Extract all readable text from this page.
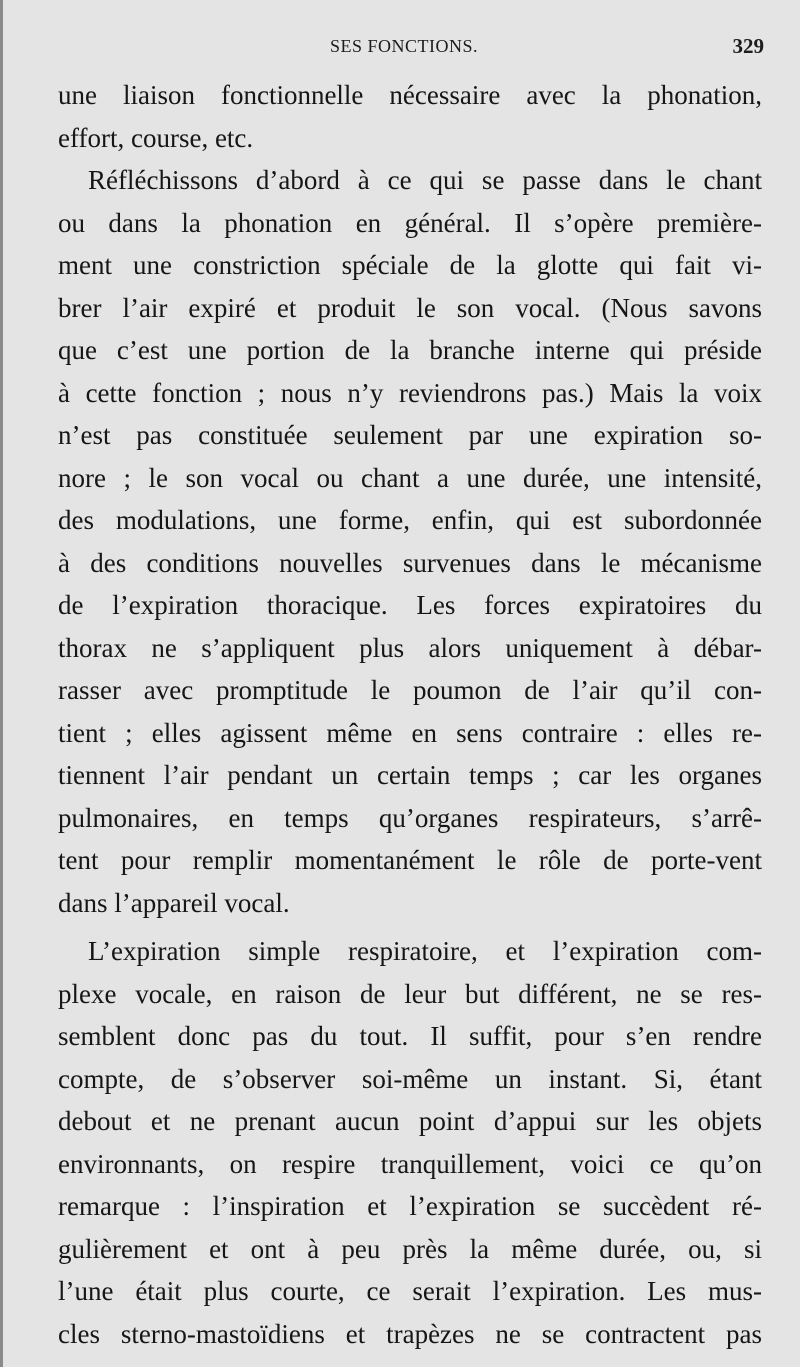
SES FONCTIONS.	329
une liaison fonctionnelle nécessaire avec la phonation,
effort, course, etc.
Réfléchissons d’abord à ce qui se passe dans le chant
ou dans la phonation en général. Il s’opère première-
ment une constriction spéciale de la glotte qui fait vi-
brer l’air expiré et produit le son vocal. (Nous savons
que c’est une portion de la branche interne qui préside
à cette fonction ; nous n’y reviendrons pas.) Mais la voix
n’est pas constituée seulement par une expiration so-
nore ; le son vocal ou chant a une durée, une intensité,
des modulations, une forme, enfin, qui est subordonnée
à des conditions nouvelles survenues dans le mécanisme
de l’expiration thoracique. Les forces expiratoires du
thorax ne s’appliquent plus alors uniquement à débar-
rasser avec promptitude le poumon de l’air qu’il con-
tient ; elles agissent même en sens contraire : elles re-
tiennent l’air pendant un certain temps ; car les organes
pulmonaires, en temps qu’organes respirateurs, s’arrê-
tent pour remplir momentanément le rôle de porte-vent
dans l’appareil vocal.
L’expiration simple respiratoire, et l’expiration com-
plexe vocale, en raison de leur but différent, ne se res-
semblent donc pas du tout. Il suffit, pour s’en rendre
compte, de s’observer soi-même un instant. Si, étant
debout et ne prenant aucun point d’appui sur les objets
environnants, on respire tranquillement, voici ce qu’on
remarque : l’inspiration et l’expiration se succèdent ré-
gulièrement et ont à peu près la même durée, ou, si
l’une était plus courte, ce serait l’expiration. Les mus-
cles sterno-mastoïdiens et trapèzes ne se contractent pas
